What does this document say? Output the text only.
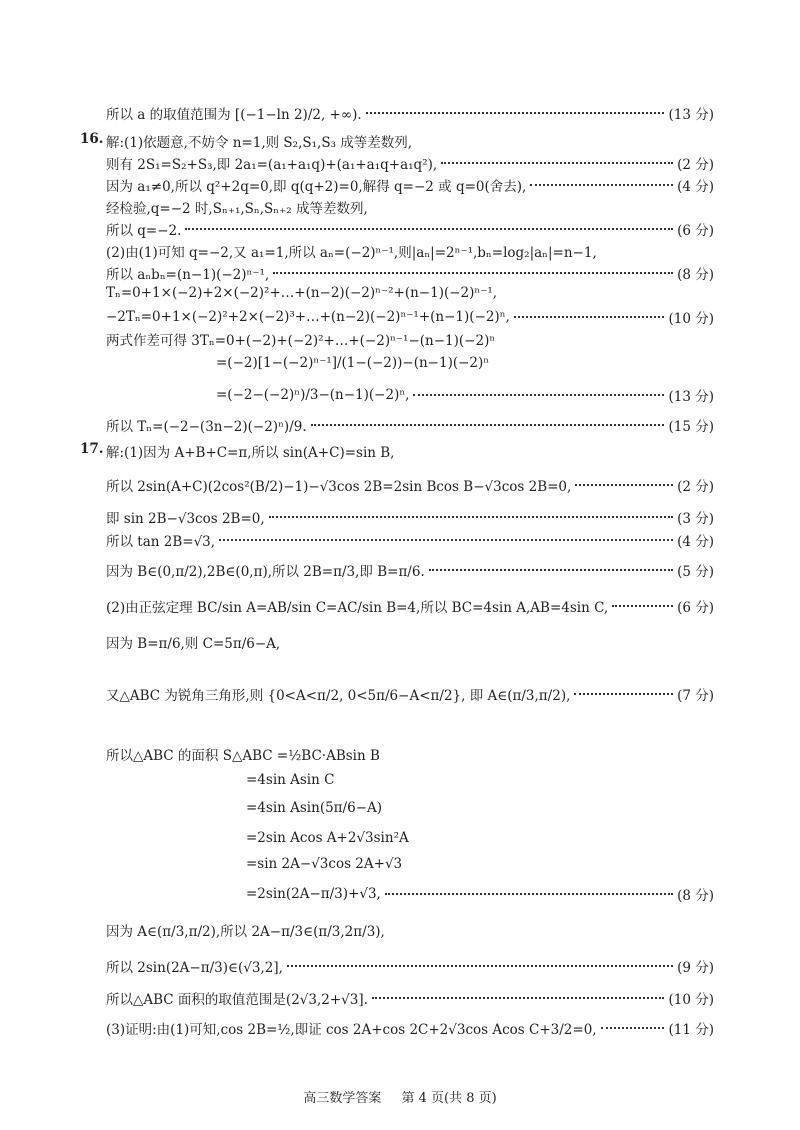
16.
17.
所以 a 的取值范围为 [(−1−ln 2)/2, +∞).	(13 分)
解:(1)依题意,不妨令 n=1,则 S₂,S₁,S₃ 成等差数列,
则有 2S₁=S₂+S₃,即 2a₁=(a₁+a₁q)+(a₁+a₁q+a₁q²),	(2 分)
因为 a₁≠0,所以 q²+2q=0,即 q(q+2)=0,解得 q=−2 或 q=0(舍去),	(4 分)
经检验,q=−2 时,Sₙ₊₁,Sₙ,Sₙ₊₂ 成等差数列,
所以 q=−2.	(6 分)
(2)由(1)可知 q=−2,又 a₁=1,所以 aₙ=(−2)ⁿ⁻¹,则|aₙ|=2ⁿ⁻¹,bₙ=log₂|aₙ|=n−1,
所以 aₙbₙ=(n−1)(−2)ⁿ⁻¹,	(8 分)
Tₙ=0+1×(−2)+2×(−2)²+…+(n−2)(−2)ⁿ⁻²+(n−1)(−2)ⁿ⁻¹,
−2Tₙ=0+1×(−2)²+2×(−2)³+…+(n−2)(−2)ⁿ⁻¹+(n−1)(−2)ⁿ,	(10 分)
两式作差可得 3Tₙ=0+(−2)+(−2)²+…+(−2)ⁿ⁻¹−(n−1)(−2)ⁿ
=(−2)[1−(−2)ⁿ⁻¹]/(1−(−2))−(n−1)(−2)ⁿ
=(−2−(−2)ⁿ)/3−(n−1)(−2)ⁿ,	(13 分)
所以 Tₙ=(−2−(3n−2)(−2)ⁿ)/9.	(15 分)
解:(1)因为 A+B+C=π,所以 sin(A+C)=sin B,
所以 2sin(A+C)(2cos²(B/2)−1)−√3cos 2B=2sin Bcos B−√3cos 2B=0,	(2 分)
即 sin 2B−√3cos 2B=0,	(3 分)
所以 tan 2B=√3,	(4 分)
因为 B∈(0,π/2),2B∈(0,π),所以 2B=π/3,即 B=π/6.	(5 分)
(2)由正弦定理 BC/sin A=AB/sin C=AC/sin B=4,所以 BC=4sin A,AB=4sin C,	(6 分)
因为 B=π/6,则 C=5π/6−A,
又△ABC 为锐角三角形,则 {0<A<π/2, 0<5π/6−A<π/2}, 即 A∈(π/3,π/2),	(7 分)
所以△ABC 的面积 S△ABC =½BC·ABsin B
=4sin Asin C
=4sin Asin(5π/6−A)
=2sin Acos A+2√3sin²A
=sin 2A−√3cos 2A+√3
=2sin(2A−π/3)+√3,	(8 分)
因为 A∈(π/3,π/2),所以 2A−π/3∈(π/3,2π/3),
所以 2sin(2A−π/3)∈(√3,2],	(9 分)
所以△ABC 面积的取值范围是(2√3,2+√3].	(10 分)
(3)证明:由(1)可知,cos 2B=½,即证 cos 2A+cos 2C+2√3cos Acos C+3/2=0,	(11 分)
高三数学答案 第 4 页(共 8 页)
